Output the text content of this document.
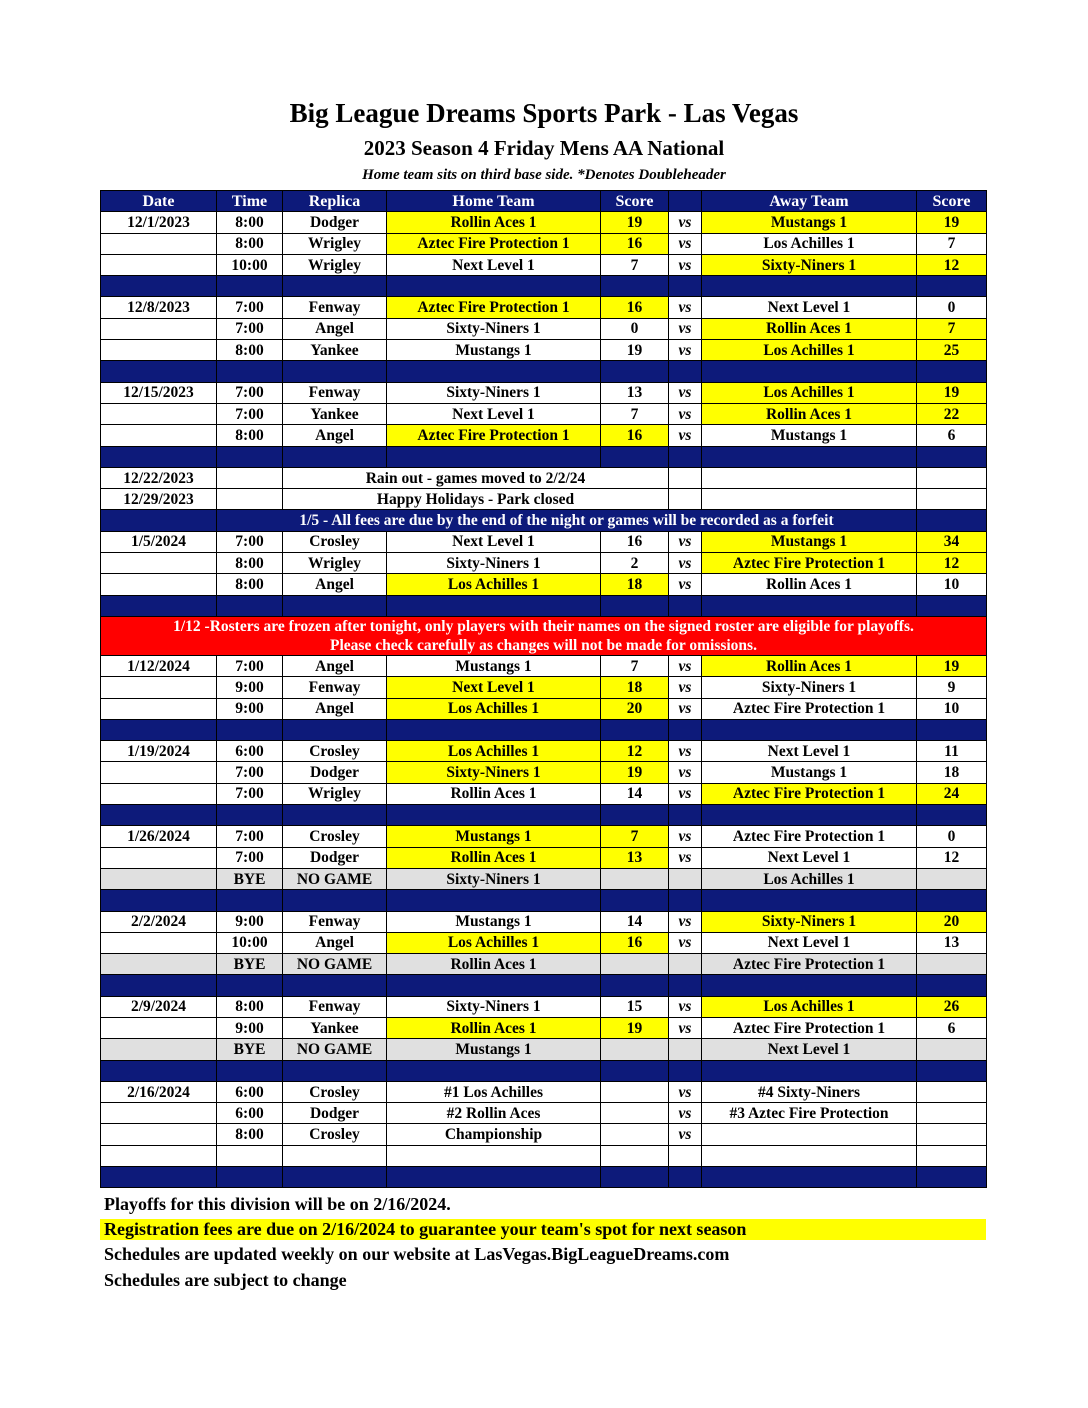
Big League Dreams Sports Park - Las Vegas
2023 Season 4 Friday Mens AA National
Home team sits on third base side. *Denotes Doubleheader
Date	Time	Replica	Home Team	Score		Away Team	Score
12/1/2023	8:00	Dodger	Rollin Aces 1	19	vs	Mustangs 1	19
	8:00	Wrigley	Aztec Fire Protection 1	16	vs	Los Achilles 1	7
	10:00	Wrigley	Next Level 1	7	vs	Sixty-Niners 1	12

12/8/2023	7:00	Fenway	Aztec Fire Protection 1	16	vs	Next Level 1	0
	7:00	Angel	Sixty-Niners 1	0	vs	Rollin Aces 1	7
	8:00	Yankee	Mustangs 1	19	vs	Los Achilles 1	25

12/15/2023	7:00	Fenway	Sixty-Niners 1	13	vs	Los Achilles 1	19
	7:00	Yankee	Next Level 1	7	vs	Rollin Aces 1	22
	8:00	Angel	Aztec Fire Protection 1	16	vs	Mustangs 1	6

12/22/2023		Rain out - games moved to 2/2/24					
12/29/2023		Happy Holidays - Park closed					
	1/5 - All fees are due by the end of the night or games will be recorded as a forfeit						
1/5/2024	7:00	Crosley	Next Level 1	16	vs	Mustangs 1	34
	8:00	Wrigley	Sixty-Niners 1	2	vs	Aztec Fire Protection 1	12
	8:00	Angel	Los Achilles 1	18	vs	Rollin Aces 1	10

1/12 -Rosters are frozen after tonight, only players with their names on the signed roster are eligible for playoffs.
Please check carefully as changes will not be made for omissions.							

1/12/2024	7:00	Angel	Mustangs 1	7	vs	Rollin Aces 1	19
	9:00	Fenway	Next Level 1	18	vs	Sixty-Niners 1	9
	9:00	Angel	Los Achilles 1	20	vs	Aztec Fire Protection 1	10

1/19/2024	6:00	Crosley	Los Achilles 1	12	vs	Next Level 1	11
	7:00	Dodger	Sixty-Niners 1	19	vs	Mustangs 1	18
	7:00	Wrigley	Rollin Aces 1	14	vs	Aztec Fire Protection 1	24

1/26/2024	7:00	Crosley	Mustangs 1	7	vs	Aztec Fire Protection 1	0
	7:00	Dodger	Rollin Aces 1	13	vs	Next Level 1	12
	BYE	NO GAME	Sixty-Niners 1			Los Achilles 1	

2/2/2024	9:00	Fenway	Mustangs 1	14	vs	Sixty-Niners 1	20
	10:00	Angel	Los Achilles 1	16	vs	Next Level 1	13
	BYE	NO GAME	Rollin Aces 1			Aztec Fire Protection 1	

2/9/2024	8:00	Fenway	Sixty-Niners 1	15	vs	Los Achilles 1	26
	9:00	Yankee	Rollin Aces 1	19	vs	Aztec Fire Protection 1	6
	BYE	NO GAME	Mustangs 1			Next Level 1	

2/16/2024	6:00	Crosley	#1 Los Achilles		vs	#4 Sixty-Niners	
	6:00	Dodger	#2 Rollin Aces		vs	#3 Aztec Fire Protection	
	8:00	Crosley	Championship		vs		

Playoffs for this division will be on 2/16/2024.
Registration fees are due on 2/16/2024 to guarantee your team's spot for next season
Schedules are updated weekly on our website at LasVegas.BigLeagueDreams.com
Schedules are subject to change
